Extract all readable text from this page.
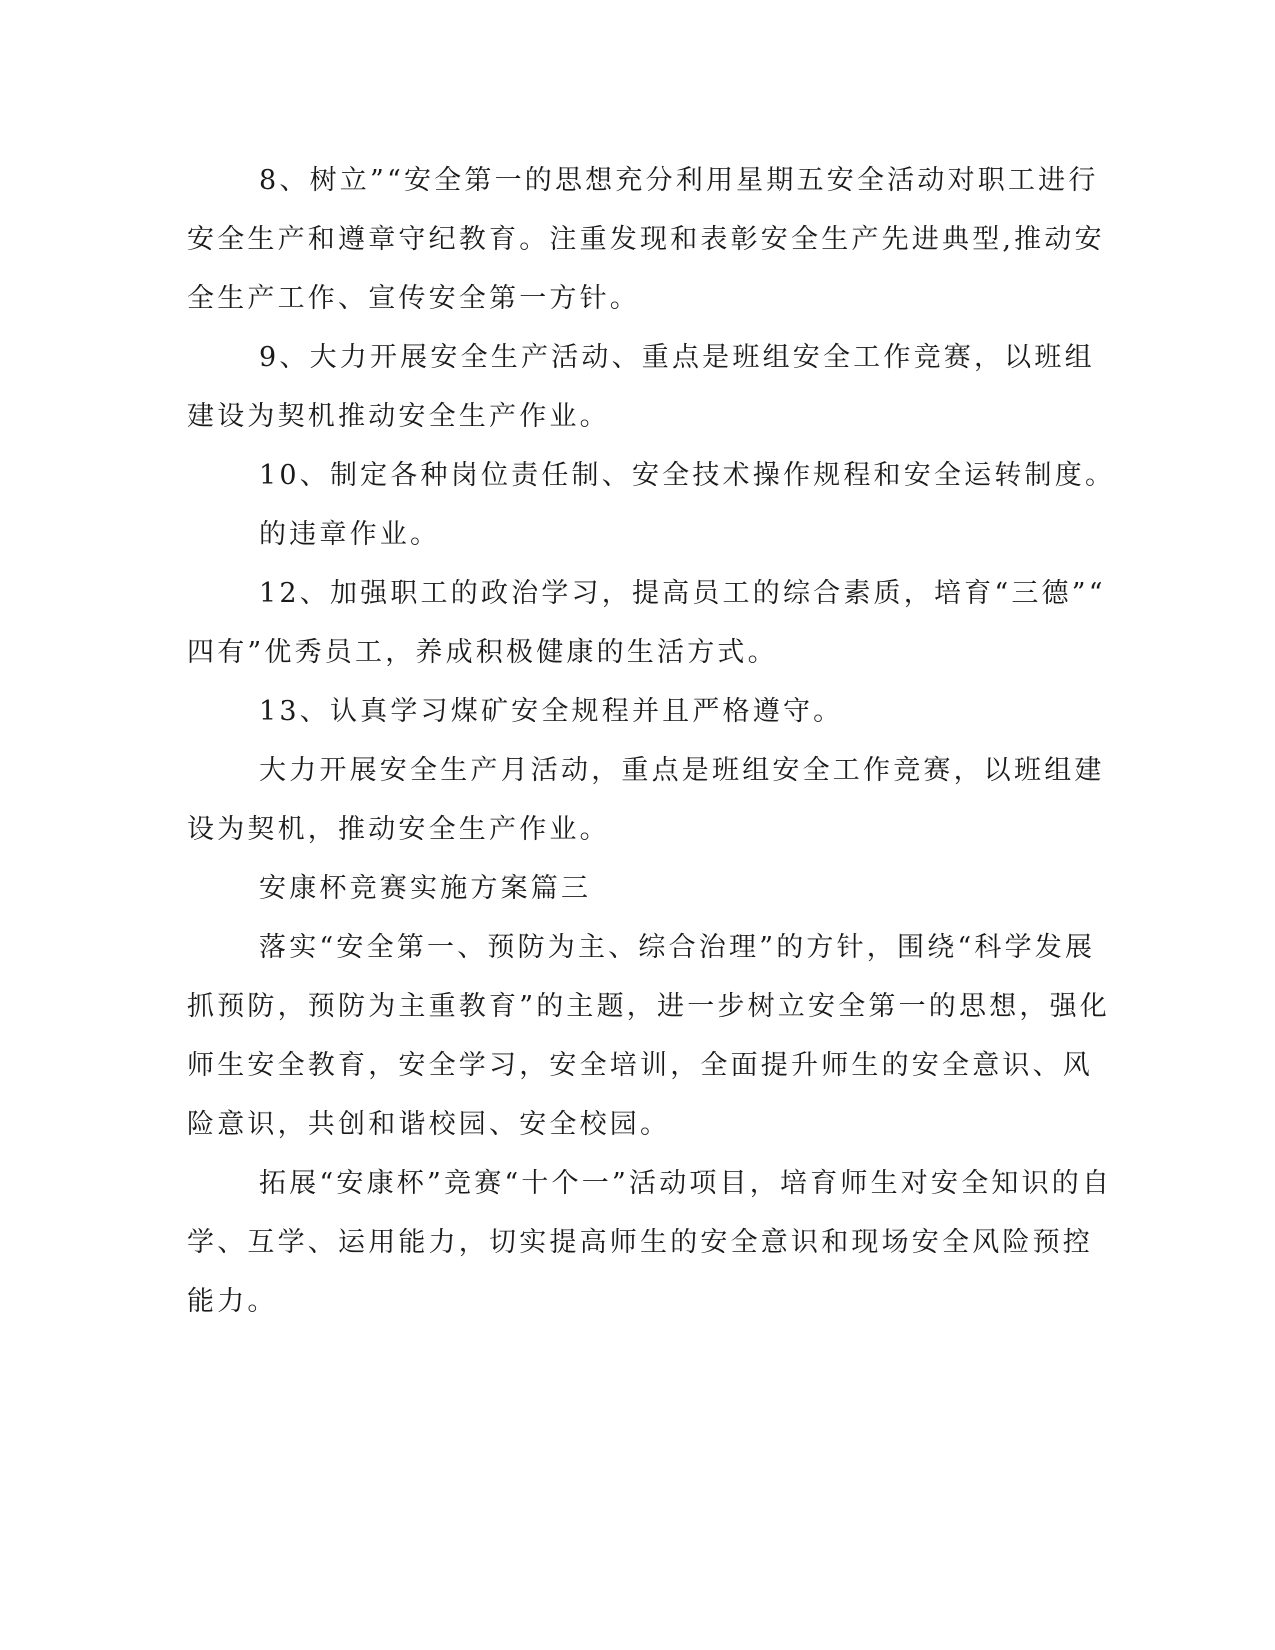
8、树立”“安全第一的思想充分利用星期五安全活动对职工进行
安全生产和遵章守纪教育。注重发现和表彰安全生产先进典型,推动安
全生产工作、宣传安全第一方针。
9、大力开展安全生产活动、重点是班组安全工作竞赛，以班组
建设为契机推动安全生产作业。
10、制定各种岗位责任制、安全技术操作规程和安全运转制度。
的违章作业。
12、加强职工的政治学习，提高员工的综合素质，培育“三德”“
四有”优秀员工，养成积极健康的生活方式。
13、认真学习煤矿安全规程并且严格遵守。
大力开展安全生产月活动，重点是班组安全工作竞赛，以班组建
设为契机，推动安全生产作业。
安康杯竞赛实施方案篇三
落实“安全第一、预防为主、综合治理”的方针，围绕“科学发展
抓预防，预防为主重教育”的主题，进一步树立安全第一的思想，强化
师生安全教育，安全学习，安全培训，全面提升师生的安全意识、风
险意识，共创和谐校园、安全校园。
拓展“安康杯”竞赛“十个一”活动项目，培育师生对安全知识的自
学、互学、运用能力，切实提高师生的安全意识和现场安全风险预控
能力。
